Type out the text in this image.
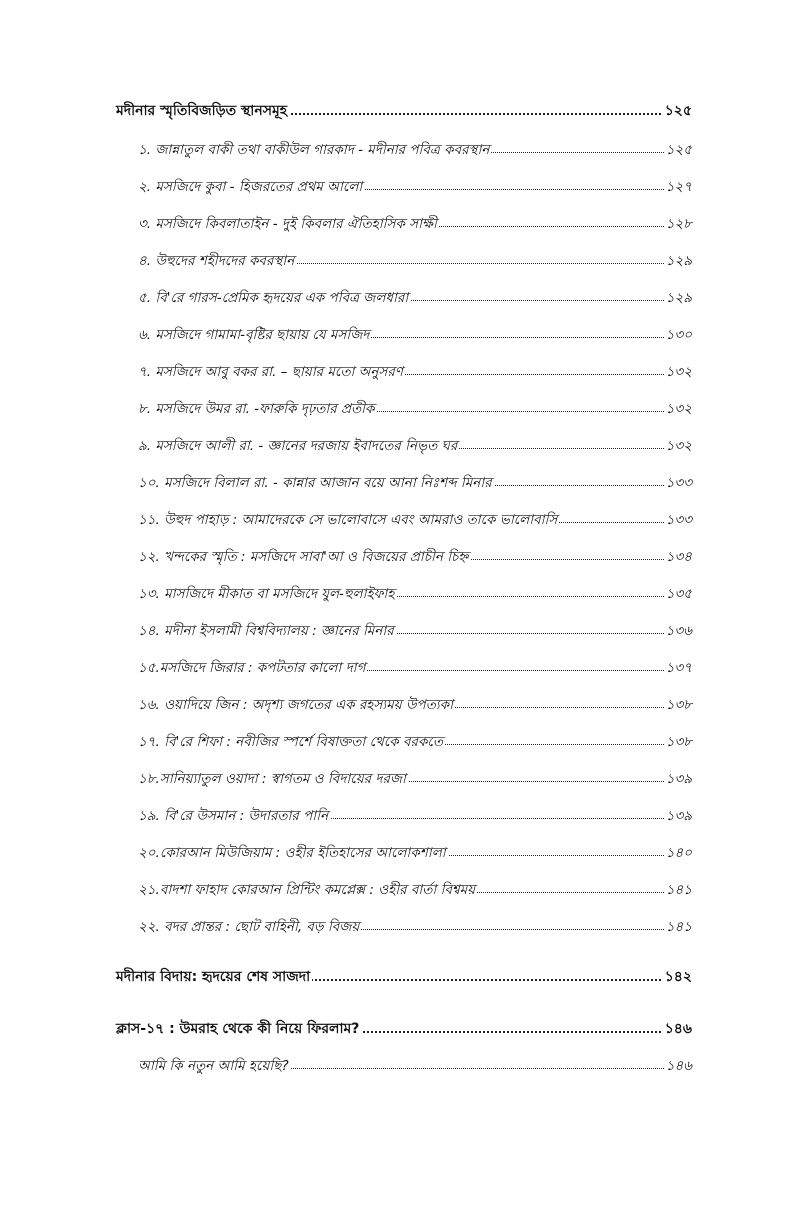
মদীনার স্মৃতিবিজড়িত স্থানসমূহ	১২৫
১. জান্নাতুল বাকী তথা বাকীউল গারকাদ - মদীনার পবিত্র কবরস্থান	১২৫
২. মসজিদে কুবা - হিজরতের প্রথম আলো	১২৭
৩. মসজিদে কিবলাতাইন - দুই কিবলার ঐতিহাসিক সাক্ষী	১২৮
৪. উহুদের শহীদদের কবরস্থান	১২৯
৫. বি'রে গারস-প্রেমিক হৃদয়ের এক পবিত্র জলধারা	১২৯
৬. মসজিদে গামামা-বৃষ্টির ছায়ায় যে মসজিদ	১৩০
৭. মসজিদে আবু বকর রা. – ছায়ার মতো অনুসরণ	১৩২
৮. মসজিদে উমর রা. -ফারুকি দৃঢ়তার প্রতীক	১৩২
৯. মসজিদে আলী রা. - জ্ঞানের দরজায় ইবাদতের নিভৃত ঘর	১৩২
১০. মসজিদে বিলাল রা. - কান্নার আজান বয়ে আনা নিঃশব্দ মিনার	১৩৩
১১. উহুদ পাহাড় : আমাদেরকে সে ভালোবাসে এবং আমরাও তাকে ভালোবাসি	১৩৩
১২. খন্দকের স্মৃতি : মসজিদে সাবা'আ ও বিজয়ের প্রাচীন চিহ্ন	১৩৪
১৩. মাসজিদে মীকাত বা মসজিদে যুল-হুলাইফাহ	১৩৫
১৪. মদীনা ইসলামী বিশ্ববিদ্যালয় : জ্ঞানের মিনার	১৩৬
১৫.মসজিদে জিরার : কপটতার কালো দাগ	১৩৭
১৬. ওয়াদিয়ে জিন : অদৃশ্য জগতের এক রহস্যময় উপত্যকা	১৩৮
১৭. বি'রে শিফা : নবীজির স্পর্শে বিষাক্ততা থেকে বরকতে	১৩৮
১৮.সানিয়্যাতুল ওয়াদা : স্বাগতম ও বিদায়ের দরজা	১৩৯
১৯. বি'রে উসমান : উদারতার পানি	১৩৯
২০.কোরআন মিউজিয়াম : ওহীর ইতিহাসের আলোকশালা	১৪০
২১.বাদশা ফাহাদ কোরআন প্রিন্টিং কমপ্লেক্স : ওহীর বার্তা বিশ্বময়	১৪১
২২. বদর প্রান্তর : ছোট বাহিনী, বড় বিজয়	১৪১
মদীনার বিদায়: হৃদয়ের শেষ সাজদা	১৪২
ক্লাস-১৭ : উমরাহ থেকে কী নিয়ে ফিরলাম?	১৪৬
আমি কি নতুন আমি হয়েছি?	১৪৬
